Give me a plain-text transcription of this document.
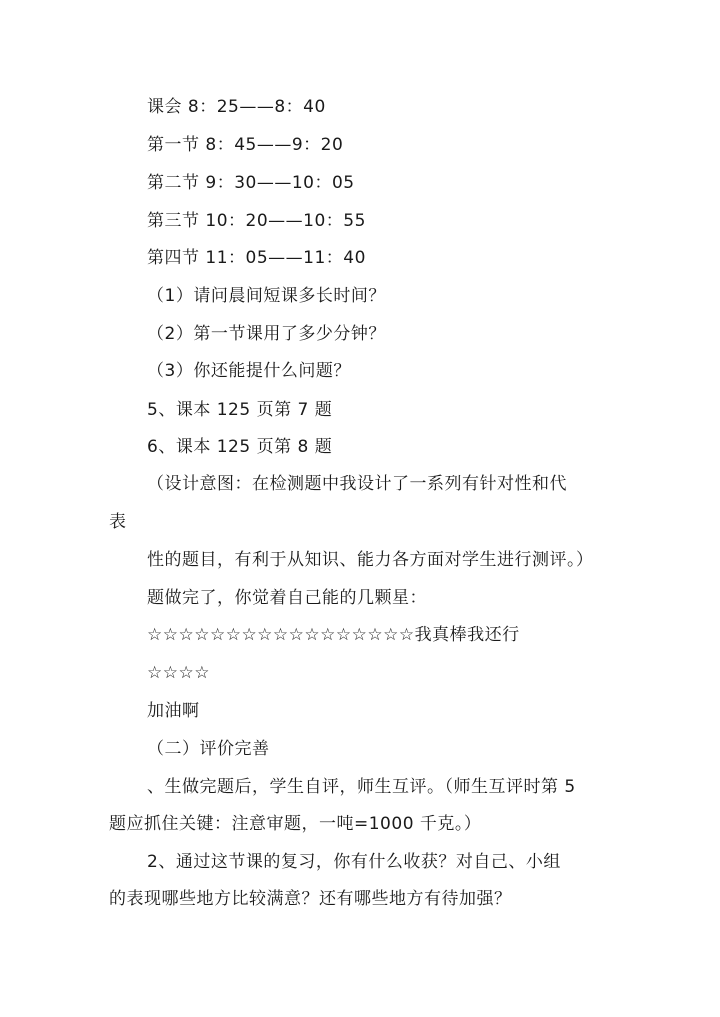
课会 8：25——8：40
第一节 8：45——9：20
第二节 9：30——10：05
第三节 10：20——10：55
第四节 11：05——11：40
（1）请问晨间短课多长时间？
（2）第一节课用了多少分钟？
（3）你还能提什么问题？
5、课本 125 页第 7 题
6、课本 125 页第 8 题
（设计意图：在检测题中我设计了一系列有针对性和代
表
性的题目，有利于从知识、能力各方面对学生进行测评。）
题做完了，你觉着自己能的几颗星：
☆☆☆☆☆☆☆☆☆☆☆☆☆☆☆☆☆我真棒我还行
☆☆☆☆
加油啊
（二）评价完善
、生做完题后，学生自评，师生互评。（师生互评时第 5
题应抓住关键：注意审题，一吨=1000 千克。）
2、通过这节课的复习，你有什么收获？对自己、小组
的表现哪些地方比较满意？还有哪些地方有待加强？
